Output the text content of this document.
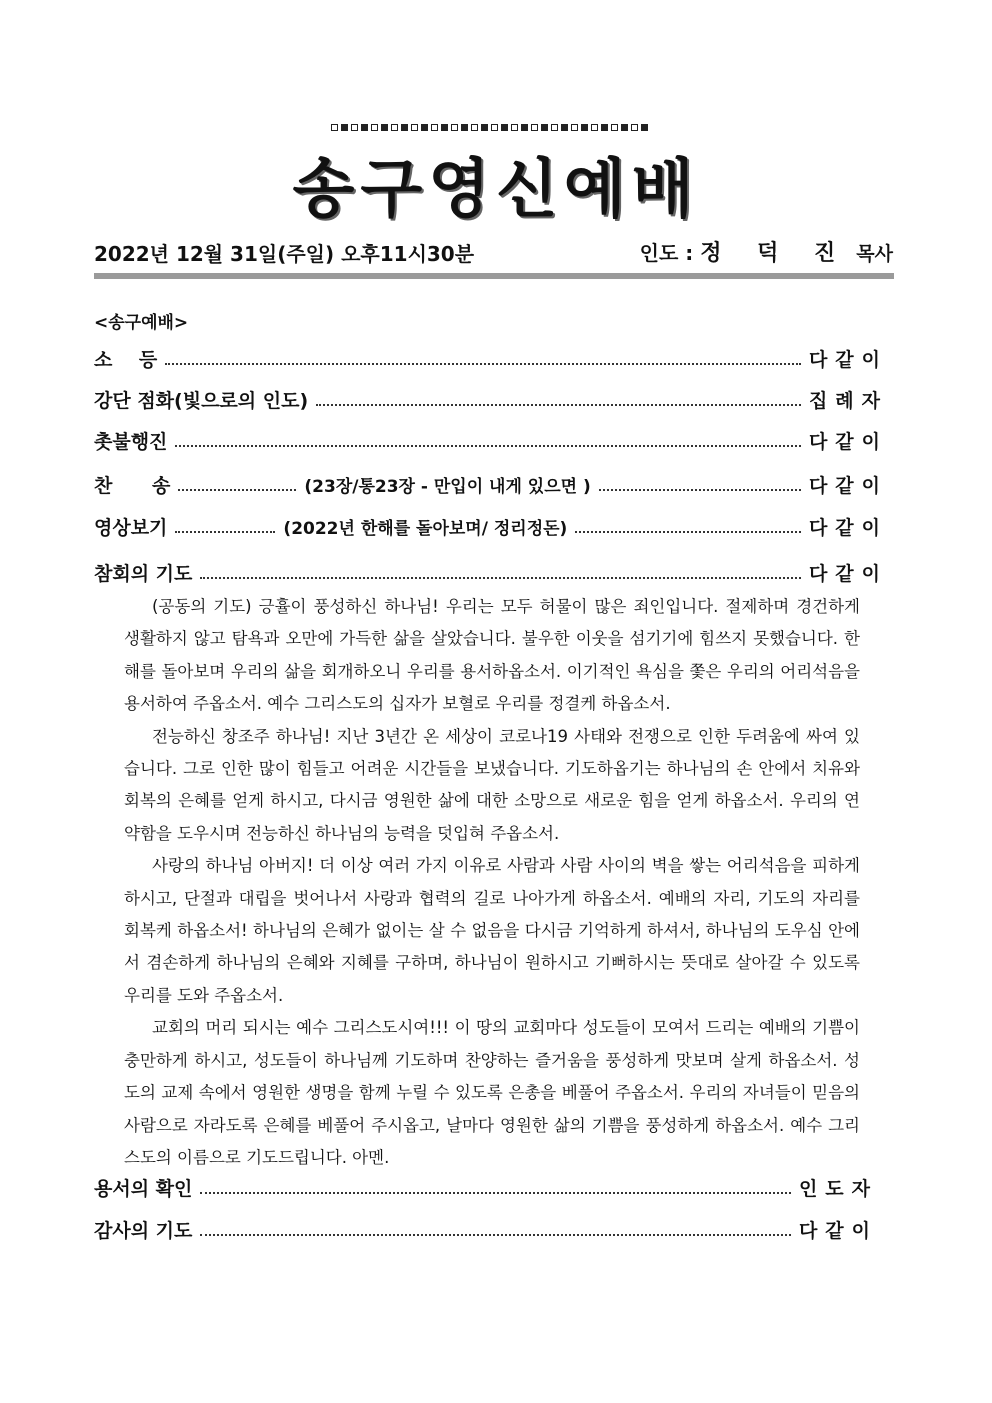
송구영신예배
2022년 12월 31일(주일) 오후11시30분	인도 : 정 덕 진 목사
<송구예배>
소    등	다같이
강단 점화(빛으로의 인도)	집례자
촛불행진	다같이
찬      송	(23장/통23장 - 만입이 내게 있으면 )	다같이
영상보기	(2022년 한해를 돌아보며/ 정리정돈)	다같이
참회의 기도	다같이

(공동의 기도) 긍휼이 풍성하신 하나님! 우리는 모두 허물이 많은 죄인입니다. 절제하며 경건하게 생활하지 않고 탐욕과 오만에 가득한 삶을 살았습니다. 불우한 이웃을 섬기기에 힘쓰지 못했습니다. 한 해를 돌아보며 우리의 삶을 회개하오니 우리를 용서하옵소서. 이기적인 욕심을 쫓은 우리의 어리석음을 용서하여 주옵소서. 예수 그리스도의 십자가 보혈로 우리를 정결케 하옵소서.

전능하신 창조주 하나님! 지난 3년간 온 세상이 코로나19 사태와 전쟁으로 인한 두려움에 싸여 있습니다. 그로 인한 많이 힘들고 어려운 시간들을 보냈습니다. 기도하옵기는 하나님의 손 안에서 치유와 회복의 은혜를 얻게 하시고, 다시금 영원한 삶에 대한 소망으로 새로운 힘을 얻게 하옵소서. 우리의 연약함을 도우시며 전능하신 하나님의 능력을 덧입혀 주옵소서.

사랑의 하나님 아버지! 더 이상 여러 가지 이유로 사람과 사람 사이의 벽을 쌓는 어리석음을 피하게 하시고, 단절과 대립을 벗어나서 사랑과 협력의 길로 나아가게 하옵소서. 예배의 자리, 기도의 자리를 회복케 하옵소서! 하나님의 은혜가 없이는 살 수 없음을 다시금 기억하게 하셔서, 하나님의 도우심 안에서 겸손하게 하나님의 은혜와 지혜를 구하며, 하나님이 원하시고 기뻐하시는 뜻대로 살아갈 수 있도록 우리를 도와 주옵소서.

교회의 머리 되시는 예수 그리스도시여!!! 이 땅의 교회마다 성도들이 모여서 드리는 예배의 기쁨이 충만하게 하시고, 성도들이 하나님께 기도하며 찬양하는 즐거움을 풍성하게 맛보며 살게 하옵소서. 성도의 교제 속에서 영원한 생명을 함께 누릴 수 있도록 은총을 베풀어 주옵소서. 우리의 자녀들이 믿음의 사람으로 자라도록 은혜를 베풀어 주시옵고, 날마다 영원한 삶의 기쁨을 풍성하게 하옵소서. 예수 그리스도의 이름으로 기도드립니다. 아멘.

용서의 확인	인도자
감사의 기도	다같이
